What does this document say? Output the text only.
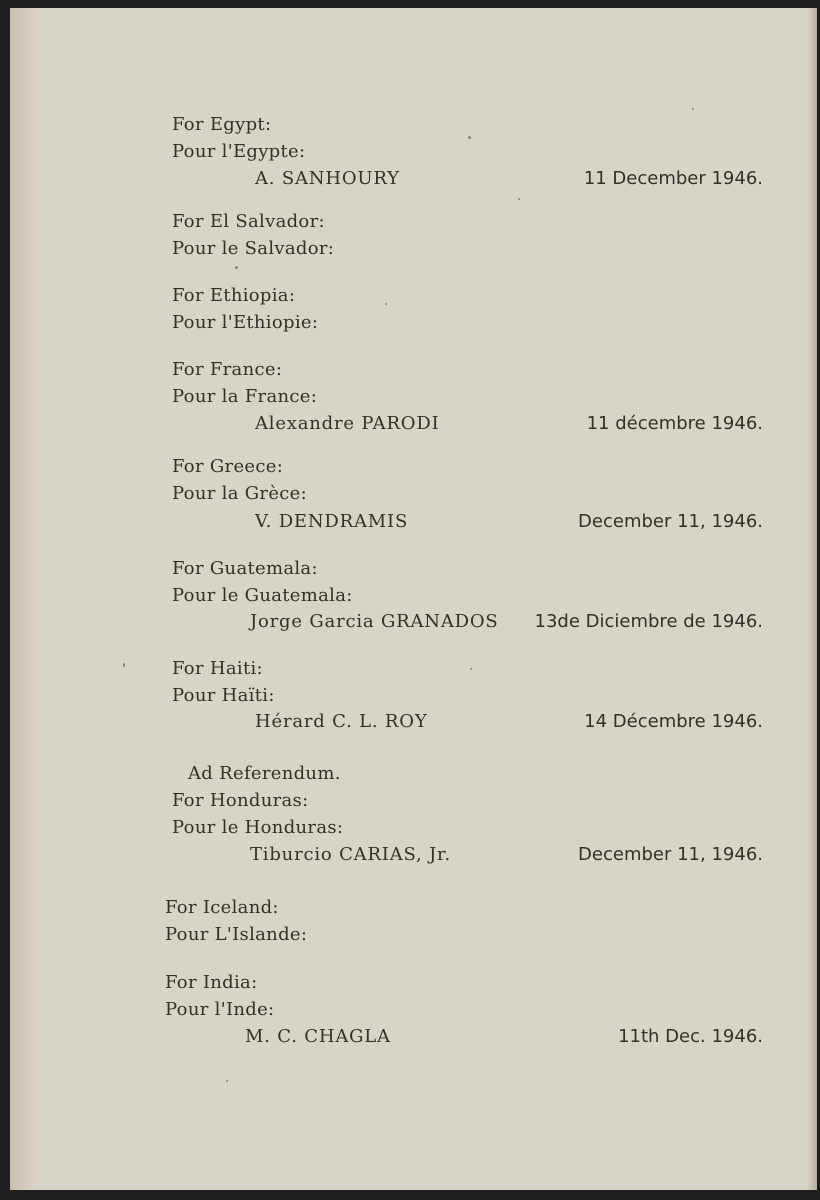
For Egypt:
Pour l'Egypte:
A. SANHOURY	11 December 1946.
For El Salvador:
Pour le Salvador:
For Ethiopia:
Pour l'Ethiopie:
For France:
Pour la France:
Alexandre PARODI	11 décembre 1946.
For Greece:
Pour la Grèce:
V. DENDRAMIS	December 11, 1946.
For Guatemala:
Pour le Guatemala:
Jorge Garcia GRANADOS 13de Diciembre de 1946.
For Haiti:
Pour Haïti:
Hérard C. L. ROY	14 Décembre 1946.
Ad Referendum.
For Honduras:
Pour le Honduras:
Tiburcio CARIAS, Jr.	December 11, 1946.
For Iceland:
Pour L'Islande:
For India:
Pour l'Inde:
M. C. CHAGLA	11th Dec. 1946.
